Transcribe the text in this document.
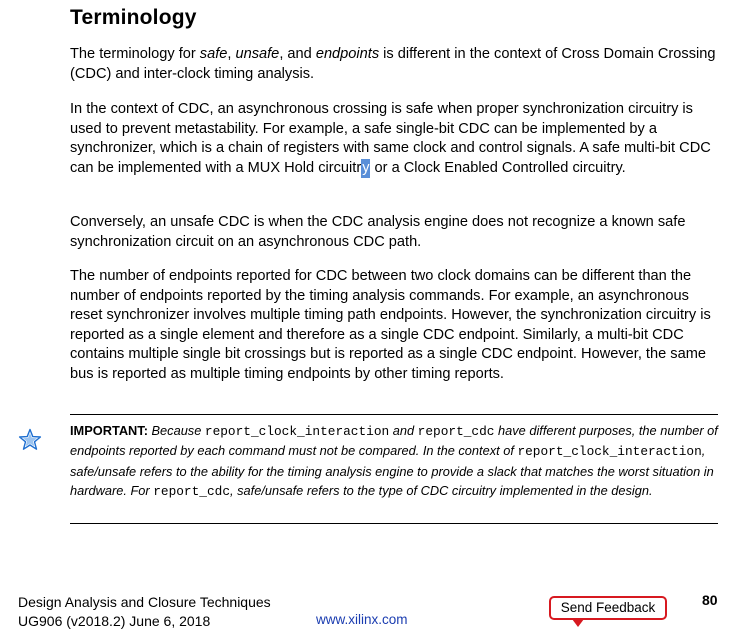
Terminology

The terminology for safe, unsafe, and endpoints is different in the context of Cross Domain Crossing (CDC) and inter-clock timing analysis.

In the context of CDC, an asynchronous crossing is safe when proper synchronization circuitry is used to prevent metastability. For example, a safe single-bit CDC can be implemented by a synchronizer, which is a chain of registers with same clock and control signals. A safe multi-bit CDC can be implemented with a MUX Hold circuitry or a Clock Enabled Controlled circuitry.

Conversely, an unsafe CDC is when the CDC analysis engine does not recognize a known safe synchronization circuit on an asynchronous CDC path.

The number of endpoints reported for CDC between two clock domains can be different than the number of endpoints reported by the timing analysis commands. For example, an asynchronous reset synchronizer involves multiple timing path endpoints. However, the synchronization circuitry is reported as a single element and therefore as a single CDC endpoint. Similarly, a multi-bit CDC contains multiple single bit crossings but is reported as a single CDC endpoint. However, the same bus is reported as multiple timing endpoints by other timing reports.

IMPORTANT: Because report_clock_interaction and report_cdc have different purposes, the number of endpoints reported by each command must not be compared. In the context of report_clock_interaction, safe/unsafe refers to the ability for the timing analysis engine to provide a slack that matches the worst situation in hardware. For report_cdc, safe/unsafe refers to the type of CDC circuitry implemented in the design.
Design Analysis and Closure Techniques
UG906 (v2018.2) June 6, 2018	www.xilinx.com
Send Feedback	80
